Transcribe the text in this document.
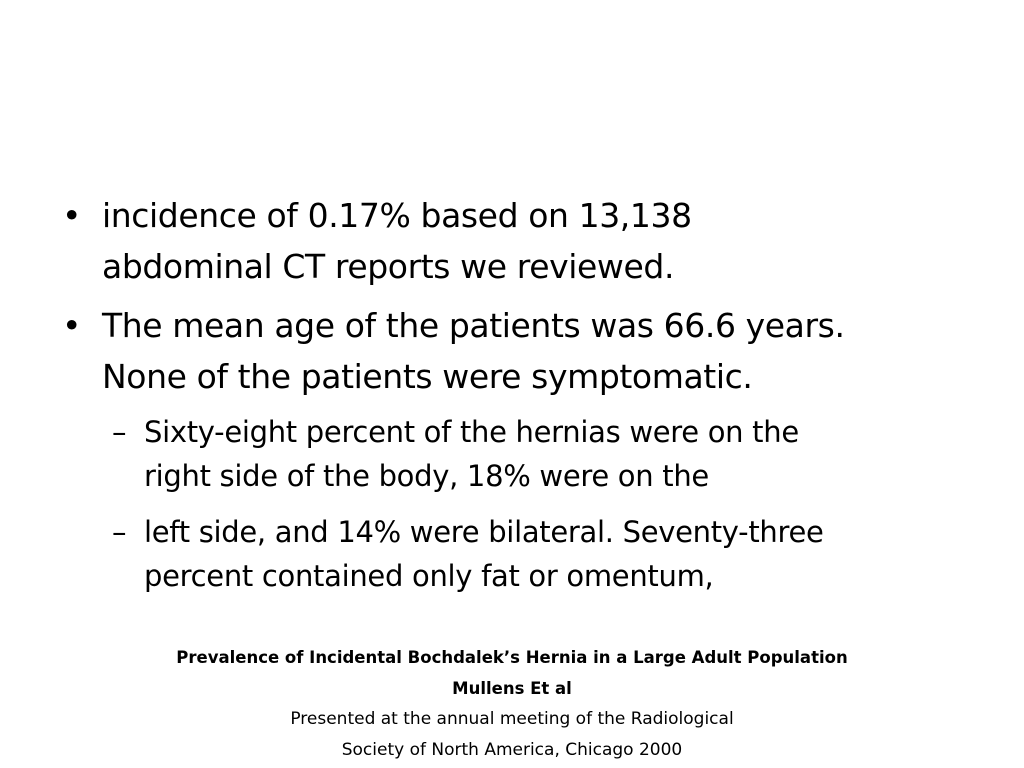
• incidence of 0.17% based on 13,138
abdominal CT reports we reviewed.
• The mean age of the patients was 66.6 years.
None of the patients were symptomatic.
– Sixty-eight percent of the hernias were on the
right side of the body, 18% were on the
– left side, and 14% were bilateral. Seventy-three
percent contained only fat or omentum,
Prevalence of Incidental Bochdalek’s Hernia in a Large Adult Population
Mullens Et al
Presented at the annual meeting of the Radiological
Society of North America, Chicago 2000
